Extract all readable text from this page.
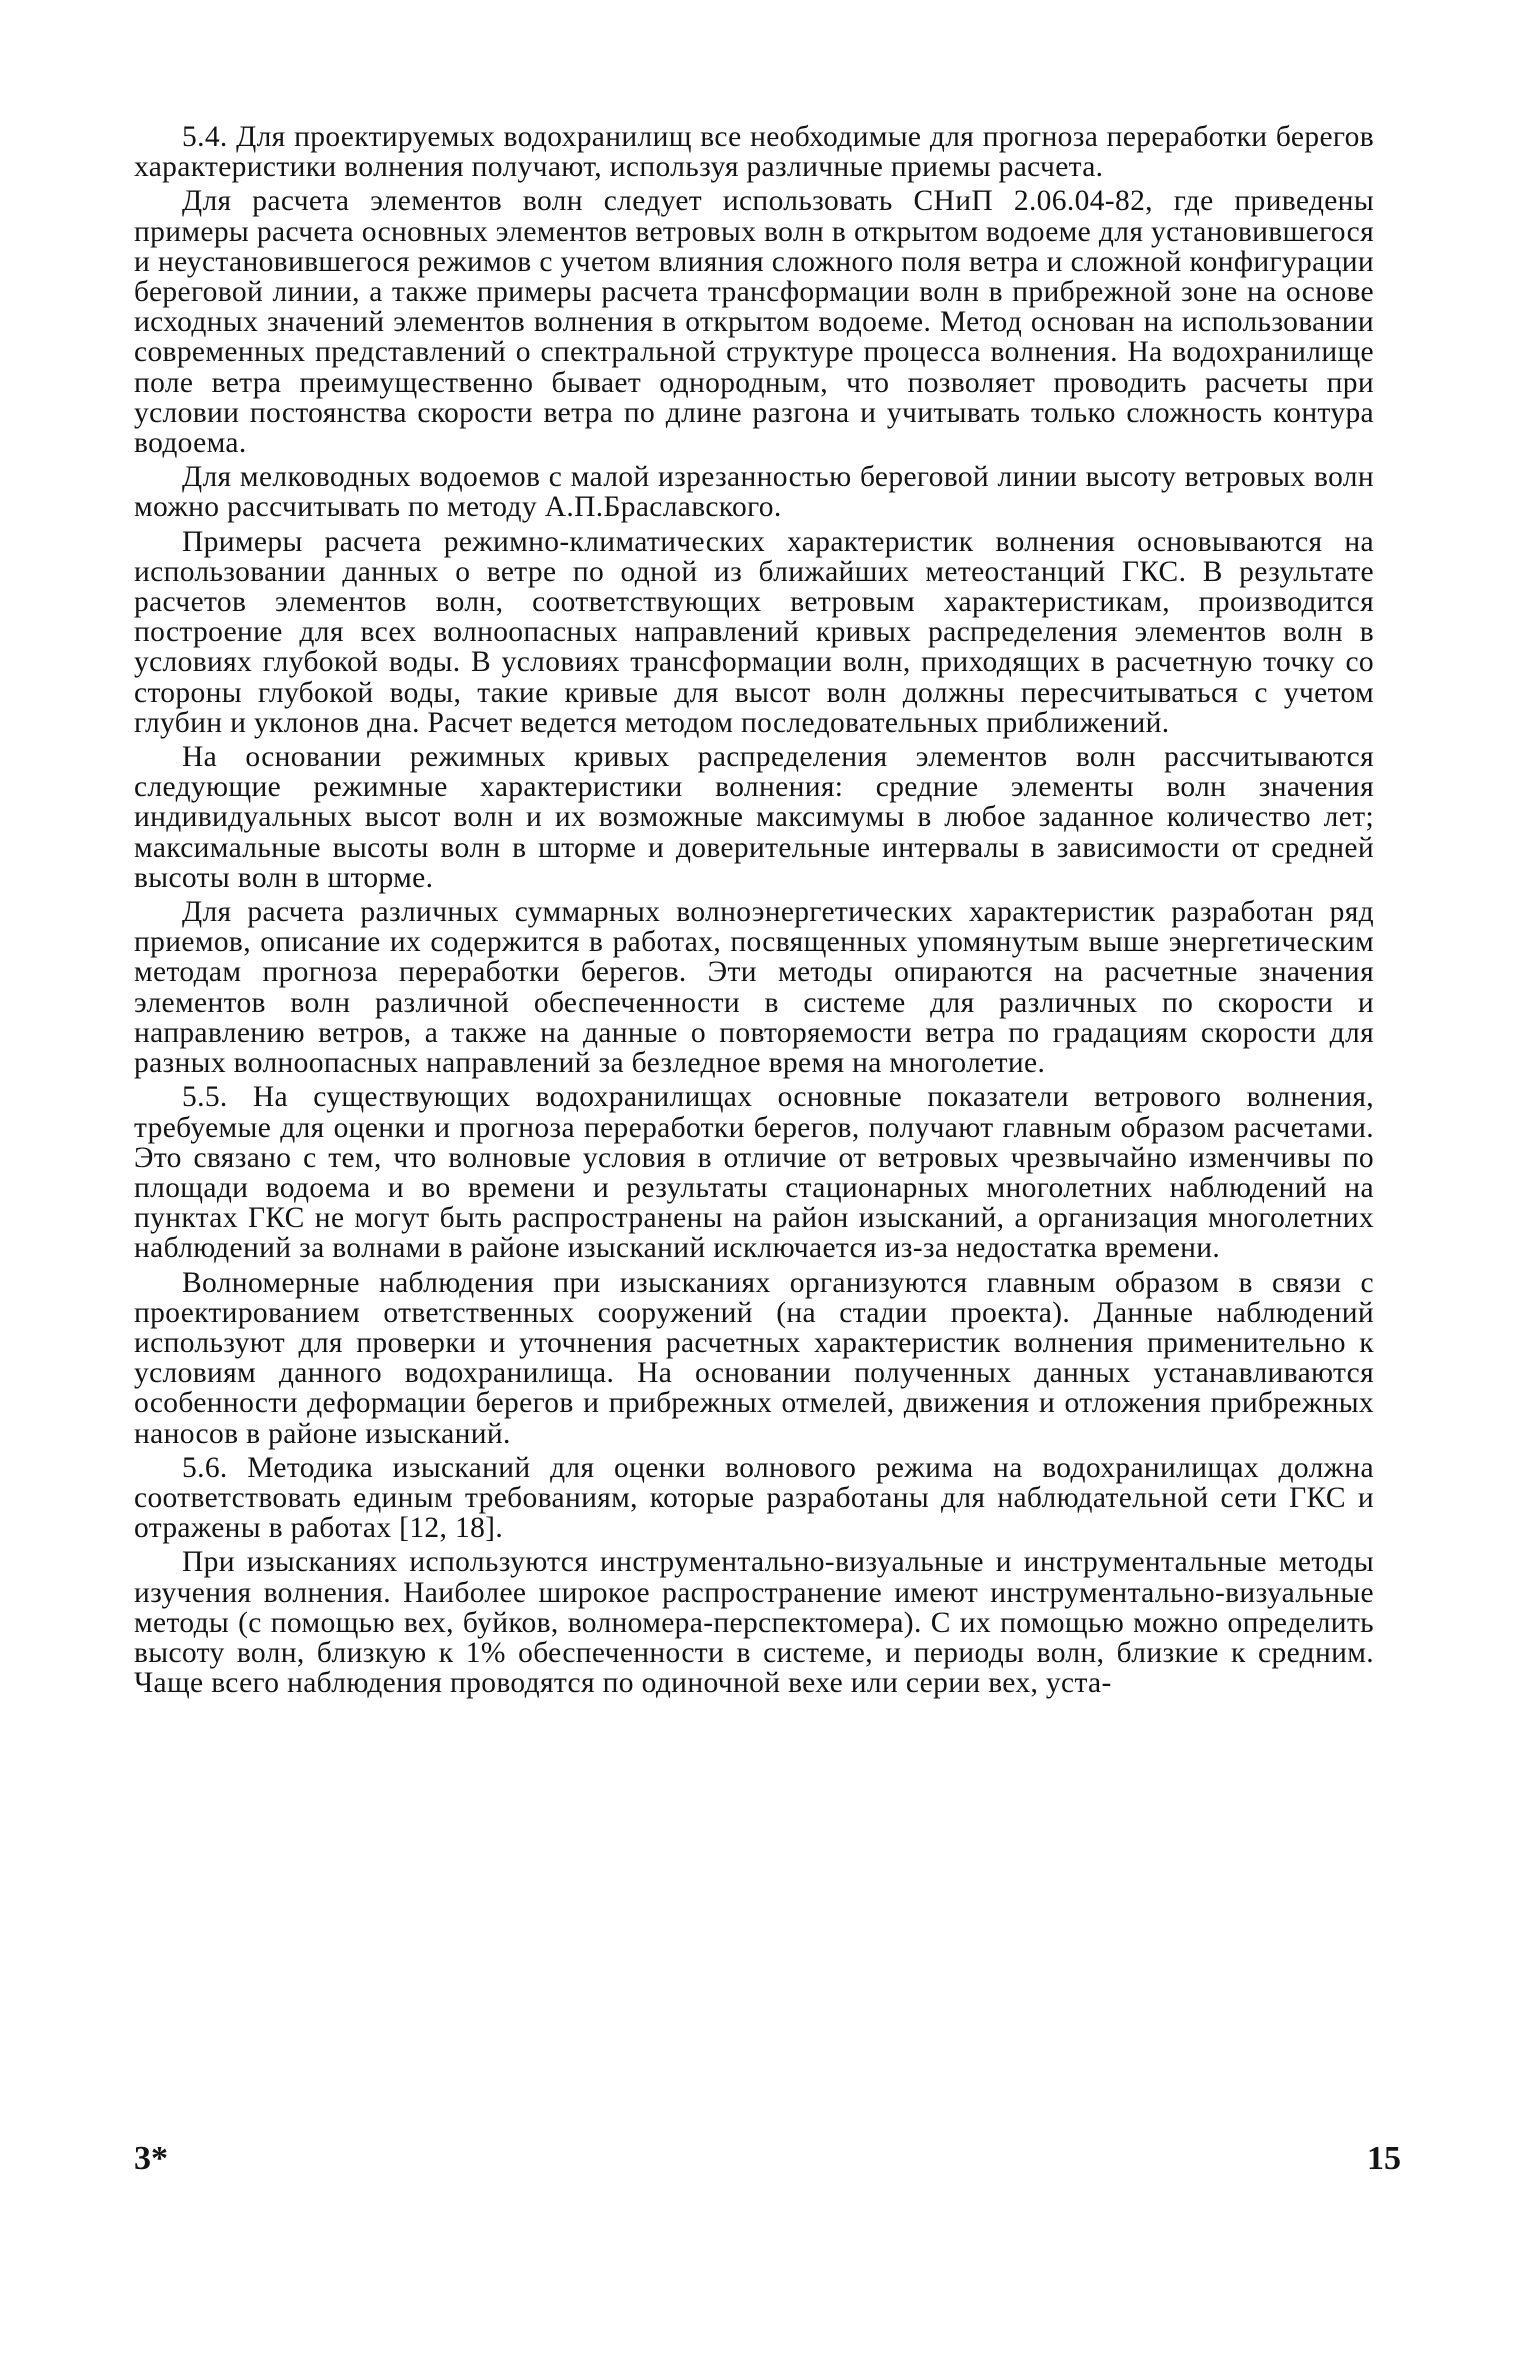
5.4. Для проектируемых водохранилищ все необходимые для прогноза переработки берегов характеристики волнения получают, используя различные приемы расчета.

Для расчета элементов волн следует использовать СНиП 2.06.04-82, где приведены примеры расчета основных элементов ветровых волн в открытом водоеме для установившегося и неустановившегося режимов с учетом влияния сложного поля ветра и сложной конфигурации береговой линии, а также примеры расчета трансформации волн в прибрежной зоне на основе исходных значений элементов волнения в открытом водоеме. Метод основан на использовании современных представлений о спектральной структуре процесса волнения. На водохранилище поле ветра преимущественно бывает однородным, что позволяет проводить расчеты при условии постоянства скорости ветра по длине разгона и учитывать только сложность контура водоема.

Для мелководных водоемов с малой изрезанностью береговой линии высоту ветровых волн можно рассчитывать по методу А.П.Браславского.

Примеры расчета режимно-климатических характеристик волнения основываются на использовании данных о ветре по одной из ближайших метеостанций ГКС. В результате расчетов элементов волн, соответствующих ветровым характеристикам, производится построение для всех волноопасных направлений кривых распределения элементов волн в условиях глубокой воды. В условиях трансформации волн, приходящих в расчетную точку со стороны глубокой воды, такие кривые для высот волн должны пересчитываться с учетом глубин и уклонов дна. Расчет ведется методом последовательных приближений.

На основании режимных кривых распределения элементов волн рассчитываются следующие режимные характеристики волнения: средние элементы волн значения индивидуальных высот волн и их возможные максимумы в любое заданное количество лет; максимальные высоты волн в шторме и доверительные интервалы в зависимости от средней высоты волн в шторме.

Для расчета различных суммарных волноэнергетических характеристик разработан ряд приемов, описание их содержится в работах, посвященных упомянутым выше энергетическим методам прогноза переработки берегов. Эти методы опираются на расчетные значения элементов волн различной обеспеченности в системе для различных по скорости и направлению ветров, а также на данные о повторяемости ветра по градациям скорости для разных волноопасных направлений за безледное время на многолетие.

5.5. На существующих водохранилищах основные показатели ветрового волнения, требуемые для оценки и прогноза переработки берегов, получают главным образом расчетами. Это связано с тем, что волновые условия в отличие от ветровых чрезвычайно изменчивы по площади водоема и во времени и результаты стационарных многолетних наблюдений на пунктах ГКС не могут быть распространены на район изысканий, а организация многолетних наблюдений за волнами в районе изысканий исключается из-за недостатка времени.

Волномерные наблюдения при изысканиях организуются главным образом в связи с проектированием ответственных сооружений (на стадии проекта). Данные наблюдений используют для проверки и уточнения расчетных характеристик волнения применительно к условиям данного водохранилища. На основании полученных данных устанавливаются особенности деформации берегов и прибрежных отмелей, движения и отложения прибрежных наносов в районе изысканий.

5.6. Методика изысканий для оценки волнового режима на водохранилищах должна соответствовать единым требованиям, которые разработаны для наблюдательной сети ГКС и отражены в работах [12, 18].

При изысканиях используются инструментально-визуальные и инструментальные методы изучения волнения. Наиболее широкое распространение имеют инструментально-визуальные методы (с помощью вех, буйков, волномера-перспектомера). С их помощью можно определить высоту волн, близкую к 1% обеспеченности в системе, и периоды волн, близкие к средним. Чаще всего наблюдения проводятся по одиночной вехе или серии вех, уста-

3*	15
